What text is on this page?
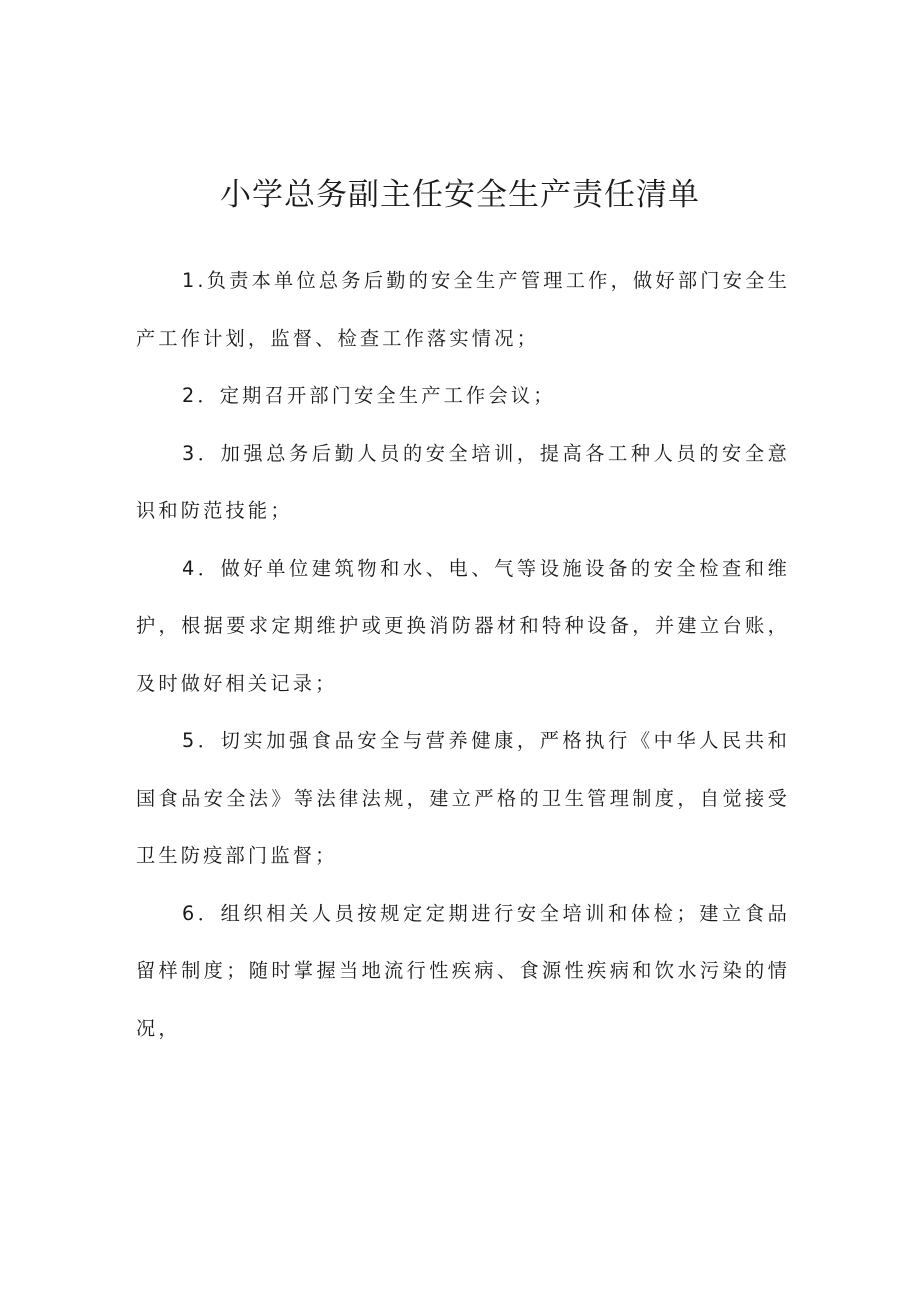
小学总务副主任安全生产责任清单

1.负责本单位总务后勤的安全生产管理工作，做好部门安全生产工作计划，监督、检查工作落实情况；

2．定期召开部门安全生产工作会议；

3．加强总务后勤人员的安全培训，提高各工种人员的安全意识和防范技能；

4．做好单位建筑物和水、电、气等设施设备的安全检查和维护，根据要求定期维护或更换消防器材和特种设备，并建立台账，及时做好相关记录；

5．切实加强食品安全与营养健康，严格执行《中华人民共和国食品安全法》等法律法规，建立严格的卫生管理制度，自觉接受卫生防疫部门监督；

6．组织相关人员按规定定期进行安全培训和体检；建立食品留样制度；随时掌握当地流行性疾病、食源性疾病和饮水污染的情况，
